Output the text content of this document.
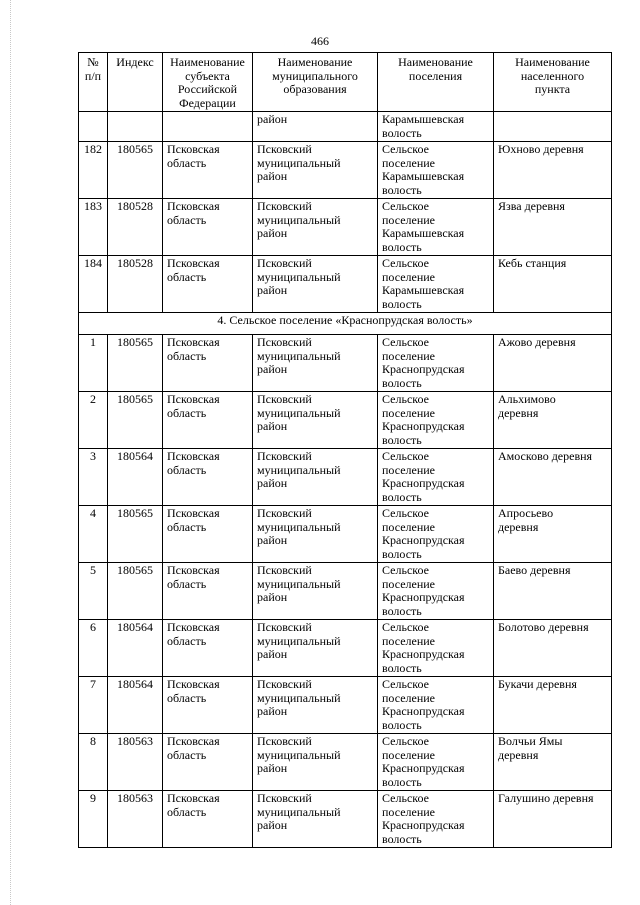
466
№
п/п	Индекс	Наименование
субъекта
Российской
Федерации	Наименование
муниципального
образования	Наименование
поселения	Наименование
населенного
пункта

			район	Карамышевская
волость	

182	180565	Псковская
область	Псковский
муниципальный
район	Сельское
поселение
Карамышевская
волость	Юхново деревня

183	180528	Псковская
область	Псковский
муниципальный
район	Сельское
поселение
Карамышевская
волость	Язва деревня

184	180528	Псковская
область	Псковский
муниципальный
район	Сельское
поселение
Карамышевская
волость	Кебь станция

4. Сельское поселение «Краснопрудская волость»					
1	180565	Псковская
область	Псковский
муниципальный
район	Сельское
поселение
Краснопрудская
волость	Ажово деревня

2	180565	Псковская
область	Псковский
муниципальный
район	Сельское
поселение
Краснопрудская
волость	Альхимово
деревня

3	180564	Псковская
область	Псковский
муниципальный
район	Сельское
поселение
Краснопрудская
волость	Амосково деревня

4	180565	Псковская
область	Псковский
муниципальный
район	Сельское
поселение
Краснопрудская
волость	Апросьево
деревня

5	180565	Псковская
область	Псковский
муниципальный
район	Сельское
поселение
Краснопрудская
волость	Баево деревня

6	180564	Псковская
область	Псковский
муниципальный
район	Сельское
поселение
Краснопрудская
волость	Болотово деревня

7	180564	Псковская
область	Псковский
муниципальный
район	Сельское
поселение
Краснопрудская
волость	Букачи деревня

8	180563	Псковская
область	Псковский
муниципальный
район	Сельское
поселение
Краснопрудская
волость	Волчьи Ямы
деревня

9	180563	Псковская
область	Псковский
муниципальный
район	Сельское
поселение
Краснопрудская
волость	Галушино деревня
